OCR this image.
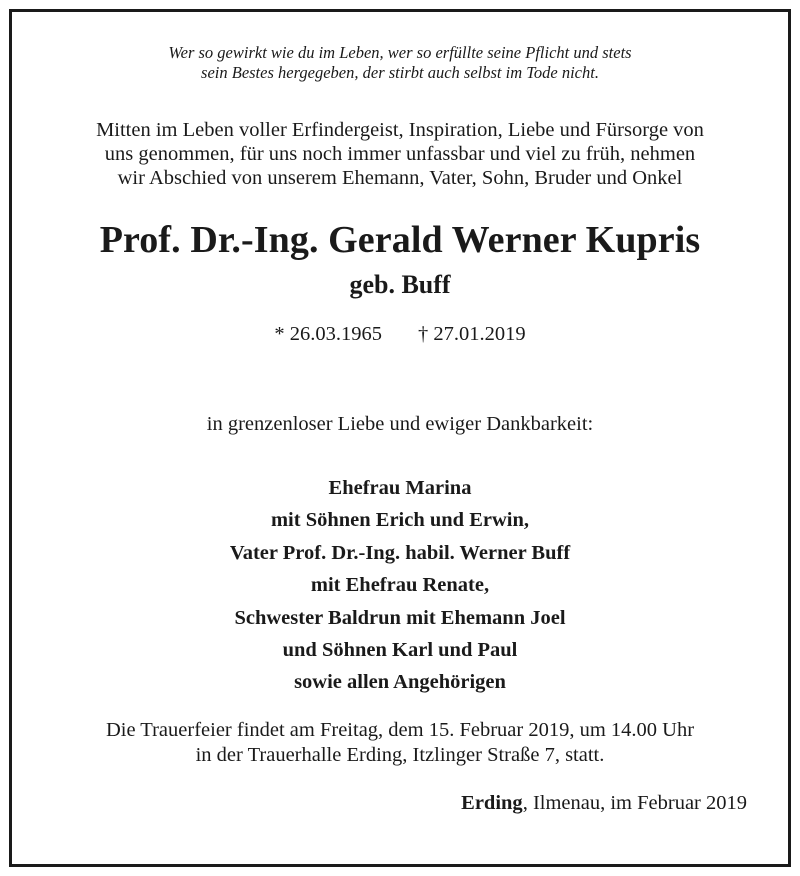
Wer so gewirkt wie du im Leben, wer so erfüllte seine Pflicht und stets
sein Bestes hergegeben, der stirbt auch selbst im Tode nicht.
Mitten im Leben voller Erfindergeist, Inspiration, Liebe und Fürsorge von
uns genommen, für uns noch immer unfassbar und viel zu früh, nehmen
wir Abschied von unserem Ehemann, Vater, Sohn, Bruder und Onkel
Prof. Dr.-Ing. Gerald Werner Kupris
geb. Buff
* 26.03.1965 † 27.01.2019
in grenzenloser Liebe und ewiger Dankbarkeit:
Ehefrau Marina
mit Söhnen Erich und Erwin,
Vater Prof. Dr.-Ing. habil. Werner Buff
mit Ehefrau Renate,
Schwester Baldrun mit Ehemann Joel
und Söhnen Karl und Paul
sowie allen Angehörigen
Die Trauerfeier findet am Freitag, dem 15. Februar 2019, um 14.00 Uhr
in der Trauerhalle Erding, Itzlinger Straße 7, statt.
Erding, Ilmenau, im Februar 2019
